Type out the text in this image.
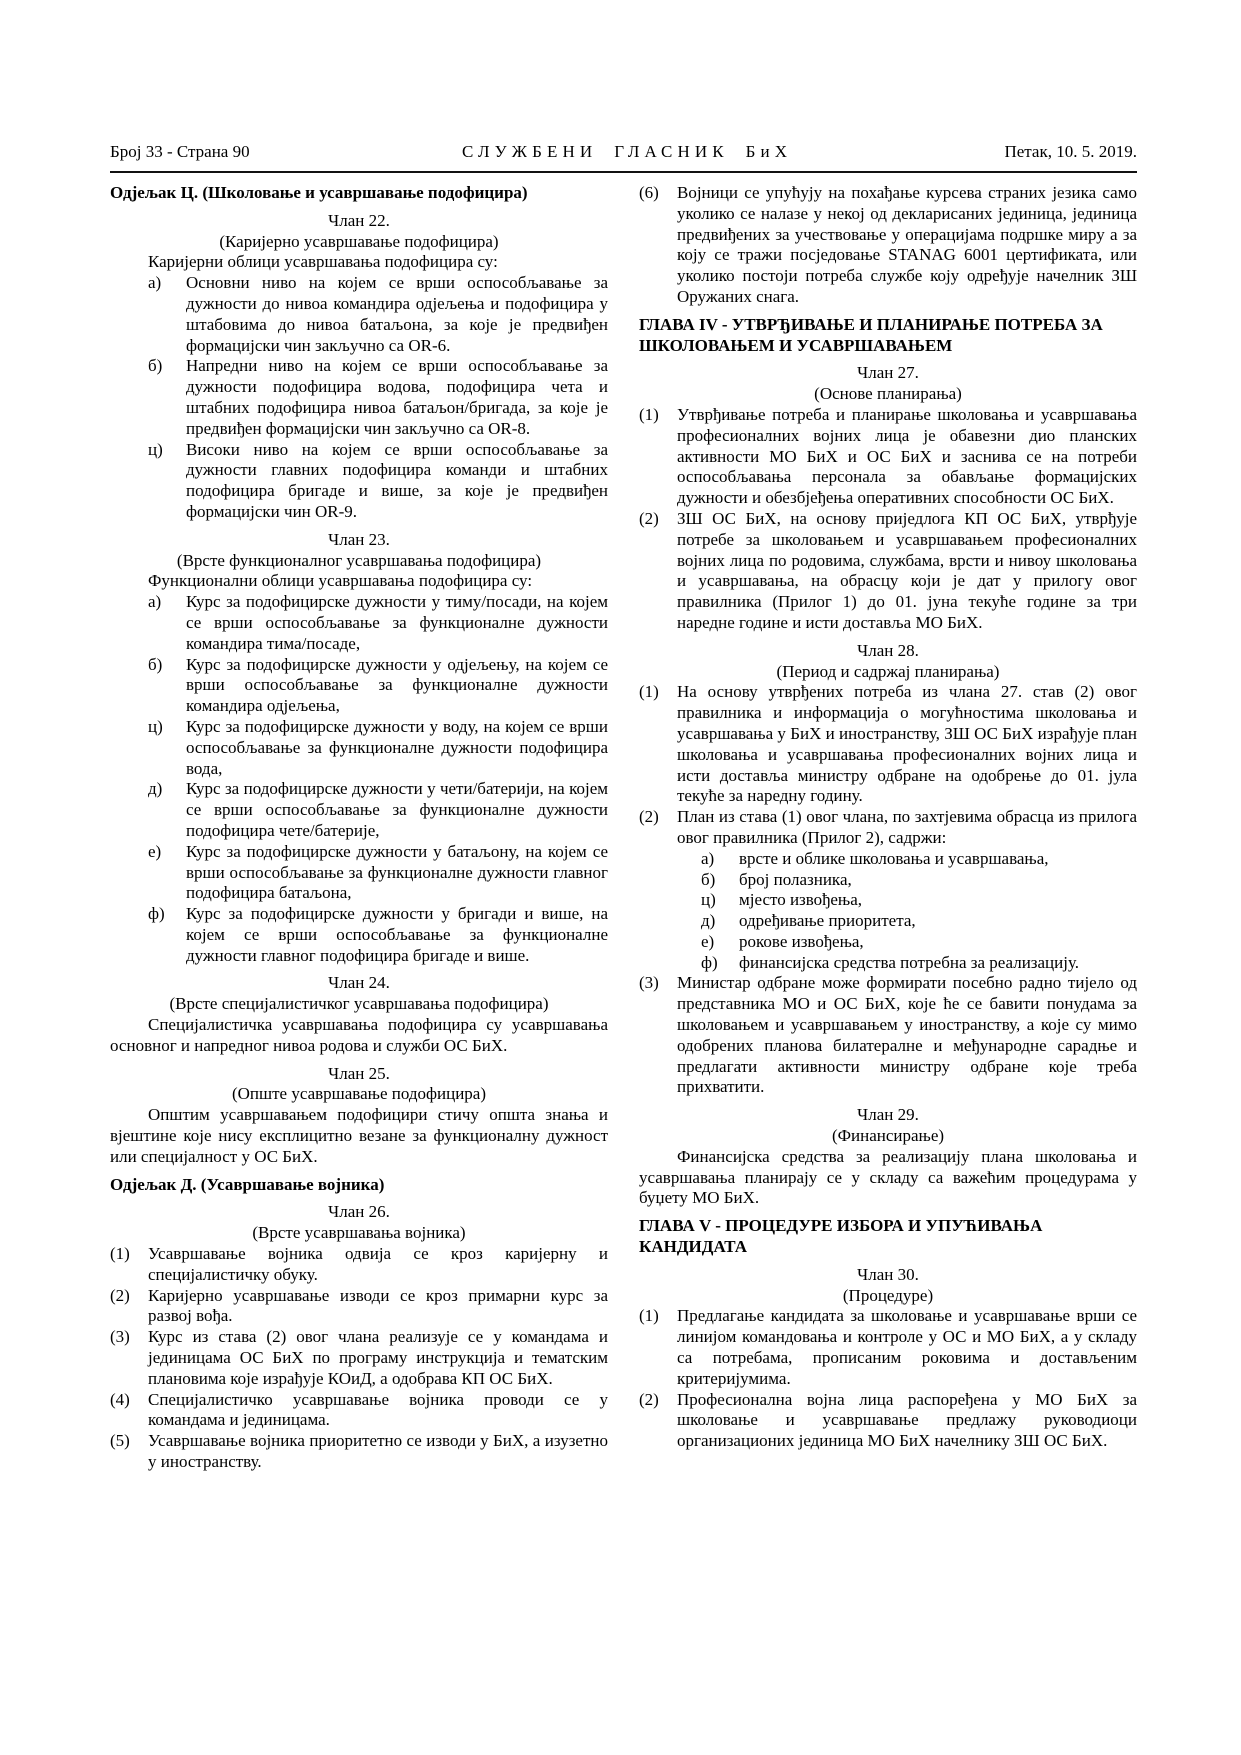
Број 33 - Страна 90	СЛУЖБЕНИ ГЛАСНИК БиХ	Петак, 10. 5. 2019.
Одјељак Ц. (Школовање и усавршавање подофицира)
Члан 22.
(Каријерно усавршавање подофицира)
Каријерни облици усавршавања подофицира су:
а) Основни ниво на којем се врши оспособљавање за дужности до нивоа командира одјељења и подофицира у штабовима до нивоа батаљона, за које је предвиђен формацијски чин закључно са OR-6.
б) Напредни ниво на којем се врши оспособљавање за дужности подофицира водова, подофицира чета и штабних подофицира нивоа батаљон/бригада, за које је предвиђен формацијски чин закључно са OR-8.
ц) Високи ниво на којем се врши оспособљавање за дужности главних подофицира команди и штабних подофицира бригаде и више, за које је предвиђен формацијски чин OR-9.
Члан 23.
(Врсте функционалног усавршавања подофицира)
Функционални облици усавршавања подофицира су:
а) Курс за подофицирске дужности у тиму/посади, на којем се врши оспособљавање за функционалне дужности командира тима/посаде,
б) Курс за подофицирске дужности у одјељењу, на којем се врши оспособљавање за функционалне дужности командира одјељења,
ц) Курс за подофицирске дужности у воду, на којем се врши оспособљавање за функционалне дужности подофицира вода,
д) Курс за подофицирске дужности у чети/батерији, на којем се врши оспособљавање за функционалне дужности подофицира чете/батерије,
е) Курс за подофицирске дужности у батаљону, на којем се врши оспособљавање за функционалне дужности главног подофицира батаљона,
ф) Курс за подофицирске дужности у бригади и више, на којем се врши оспособљавање за функционалне дужности главног подофицира бригаде и више.
Члан 24.
(Врсте специјалистичког усавршавања подофицира)
Специјалистичка усавршавања подофицира су усавршавања основног и напредног нивоа родова и служби ОС БиХ.
Члан 25.
(Опште усавршавање подофицира)
Општим усавршавањем подофицири стичу општа знања и вјештине које нису експлицитно везане за функционалну дужност или специјалност у ОС БиХ.
Одјељак Д. (Усавршавање војника)
Члан 26.
(Врсте усавршавања војника)
(1) Усавршавање војника одвија се кроз каријерну и специјалистичку обуку.
(2) Каријерно усавршавање изводи се кроз примарни курс за развој вођа.
(3) Курс из става (2) овог члана реализује се у командама и јединицама ОС БиХ по програму инструкција и тематским плановима које израђује КОиД, а одобрава КП ОС БиХ.
(4) Специјалистичко усавршавање војника проводи се у командама и јединицама.
(5) Усавршавање војника приоритетно се изводи у БиХ, а изузетно у иностранству.
(6) Војници се упућују на похађање курсева страних језика само уколико се налазе у некој од декларисаних јединица, јединица предвиђених за учествовање у операцијама подршке миру а за коју се тражи посједовање STANAG 6001 цертификата, или уколико постоји потреба службе коју одређује начелник ЗШ Оружаних снага.
ГЛАВА IV - УТВРЂИВАЊЕ И ПЛАНИРАЊЕ ПОТРЕБА ЗА ШКОЛОВАЊЕМ И УСАВРШАВАЊЕМ
Члан 27.
(Основе планирања)
(1) Утврђивање потреба и планирање школовања и усавршавања професионалних војних лица је обавезни дио планских активности МО БиХ и ОС БиХ и заснива се на потреби оспособљавања персонала за обављање формацијских дужности и обезбјеђења оперативних способности ОС БиХ.
(2) ЗШ ОС БиХ, на основу приједлога КП ОС БиХ, утврђује потребе за школовањем и усавршавањем професионалних војних лица по родовима, службама, врсти и нивоу школовања и усавршавања, на обрасцу који је дат у прилогу овог правилника (Прилог 1) до 01. јуна текуће године за три наредне године и исти доставља МО БиХ.
Члан 28.
(Период и садржај планирања)
(1) На основу утврђених потреба из члана 27. став (2) овог правилника и информација о могућностима школовања и усавршавања у БиХ и иностранству, ЗШ ОС БиХ израђује план школовања и усавршавања професионалних војних лица и исти доставља министру одбране на одобрење до 01. јула текуће за наредну годину.
(2) План из става (1) овог члана, по захтјевима обрасца из прилога овог правилника (Прилог 2), садржи:
а) врсте и облике школовања и усавршавања,
б) број полазника,
ц) мјесто извођења,
д) одређивање приоритета,
е) рокове извођења,
ф) финансијска средства потребна за реализацију.
(3) Министар одбране може формирати посебно радно тијело од представника МО и ОС БиХ, које ће се бавити понудама за школовањем и усавршавањем у иностранству, а које су мимо одобрених планова билатералне и међународне сарадње и предлагати активности министру одбране које треба прихватити.
Члан 29.
(Финансирање)
Финансијска средства за реализацију плана школовања и усавршавања планирају се у складу са важећим процедурама у буџету МО БиХ.
ГЛАВА V - ПРОЦЕДУРЕ ИЗБОРА И УПУЋИВАЊА КАНДИДАТА
Члан 30.
(Процедуре)
(1) Предлагање кандидата за школовање и усавршавање врши се линијом командовања и контроле у ОС и МО БиХ, а у складу са потребама, прописаним роковима и достављеним критеријумима.
(2) Професионална војна лица распоређена у МО БиХ за школовање и усавршавање предлажу руководиоци организационих јединица МО БиХ начелнику ЗШ ОС БиХ.
